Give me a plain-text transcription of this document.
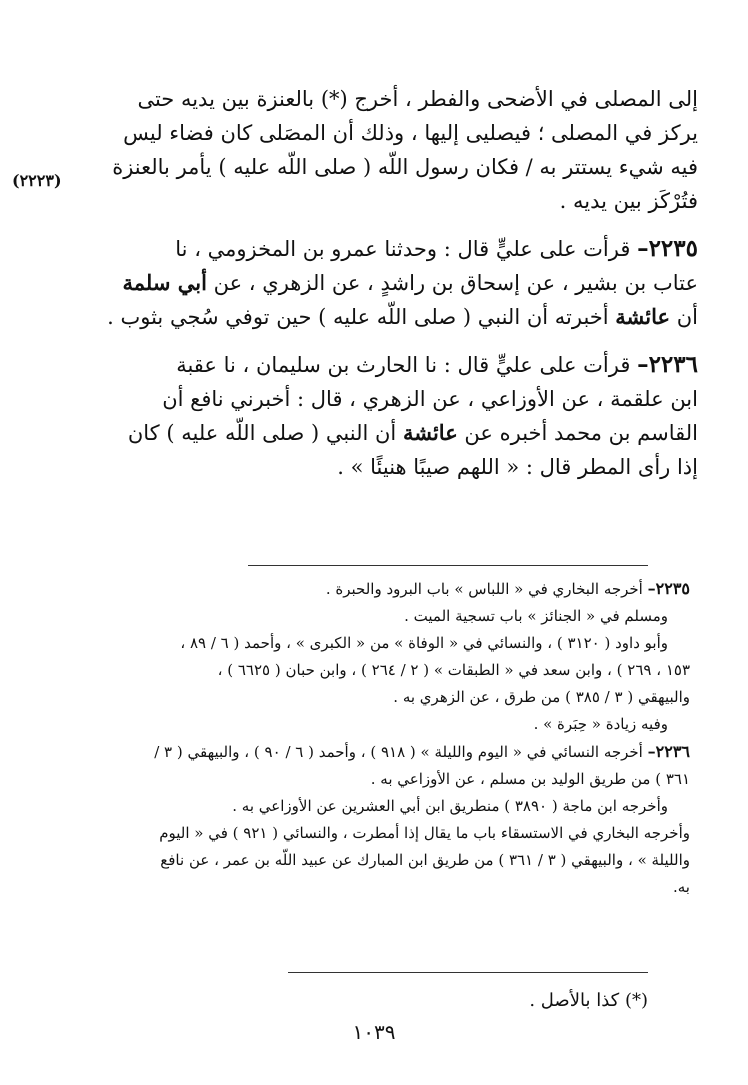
إلى المصلى في الأضحى والفطر ، أخرج (*) بالعنزة بين يديه حتى

يركز في المصلى ؛ فيصليى إليها ، وذلك أن المصَلى كان فضاء ليس

فيه شيء يستتر به / فكان رسول اللّه ( صلى اللّه عليه ) يأمر بالعنزة

فتُرْكَز بين يديه .

۲۲۳٥– قرأت على عليٍّ قال : وحدثنا عمرو بن المخزومي ، نا

عتاب بن بشير ، عن إسحاق بن راشدٍ ، عن الزهري ، عن أبي سلمة

أن عائشة أخبرته أن النبي ( صلى اللّه عليه ) حين توفي سُجي بثوب .

۲۲۳٦– قرأت على عليٍّ قال : نا الحارث بن سليمان ، نا عقبة

ابن علقمة ، عن الأوزاعي ، عن الزهري ، قال : أخبرني نافع أن

القاسم بن محمد أخبره عن عائشة أن النبي ( صلى اللّه عليه ) كان

إذا رأى المطر قال : « اللهم صيبًا هنيئًا » .

(۲۲۲۳)

۲۲۳٥– أخرجه البخاري في « اللباس » باب البرود والحبرة .

ومسلم في « الجنائز » باب تسجية الميت .

وأبو داود ( ۳۱۲۰ ) ، والنسائي في « الوفاة » من « الكبرى » ، وأحمد ( ٦ / ۸۹ ،

۱٥۳ ، ۲٦۹ ) ، وابن سعد في « الطبقات » ( ۲ / ۲٦٤ ) ، وابن حبان ( ٦٦۲٥ ) ،

والبيهقي ( ۳ / ۳۸٥ ) من طرق ، عن الزهري به .

وفيه زيادة « حِبَرة » .

۲۲۳٦– أخرجه النسائي في « اليوم والليلة » ( ۹۱۸ ) ، وأحمد ( ٦ / ۹۰ ) ، والبيهقي ( ۳ /

۳٦۱ ) من طريق الوليد بن مسلم ، عن الأوزاعي به .

وأخرجه ابن ماجة ( ۳۸۹۰ ) منطريق ابن أبي العشرين عن الأوزاعي به .

وأخرجه البخاري في الاستسقاء باب ما يقال إذا أمطرت ، والنسائي ( ۹۲۱ ) في « اليوم

والليلة » ، والبيهقي ( ۳ / ۳٦۱ ) من طريق ابن المبارك عن عبيد اللّه بن عمر ، عن نافع

به.

(*) كذا بالأصل .
۱۰۳۹
